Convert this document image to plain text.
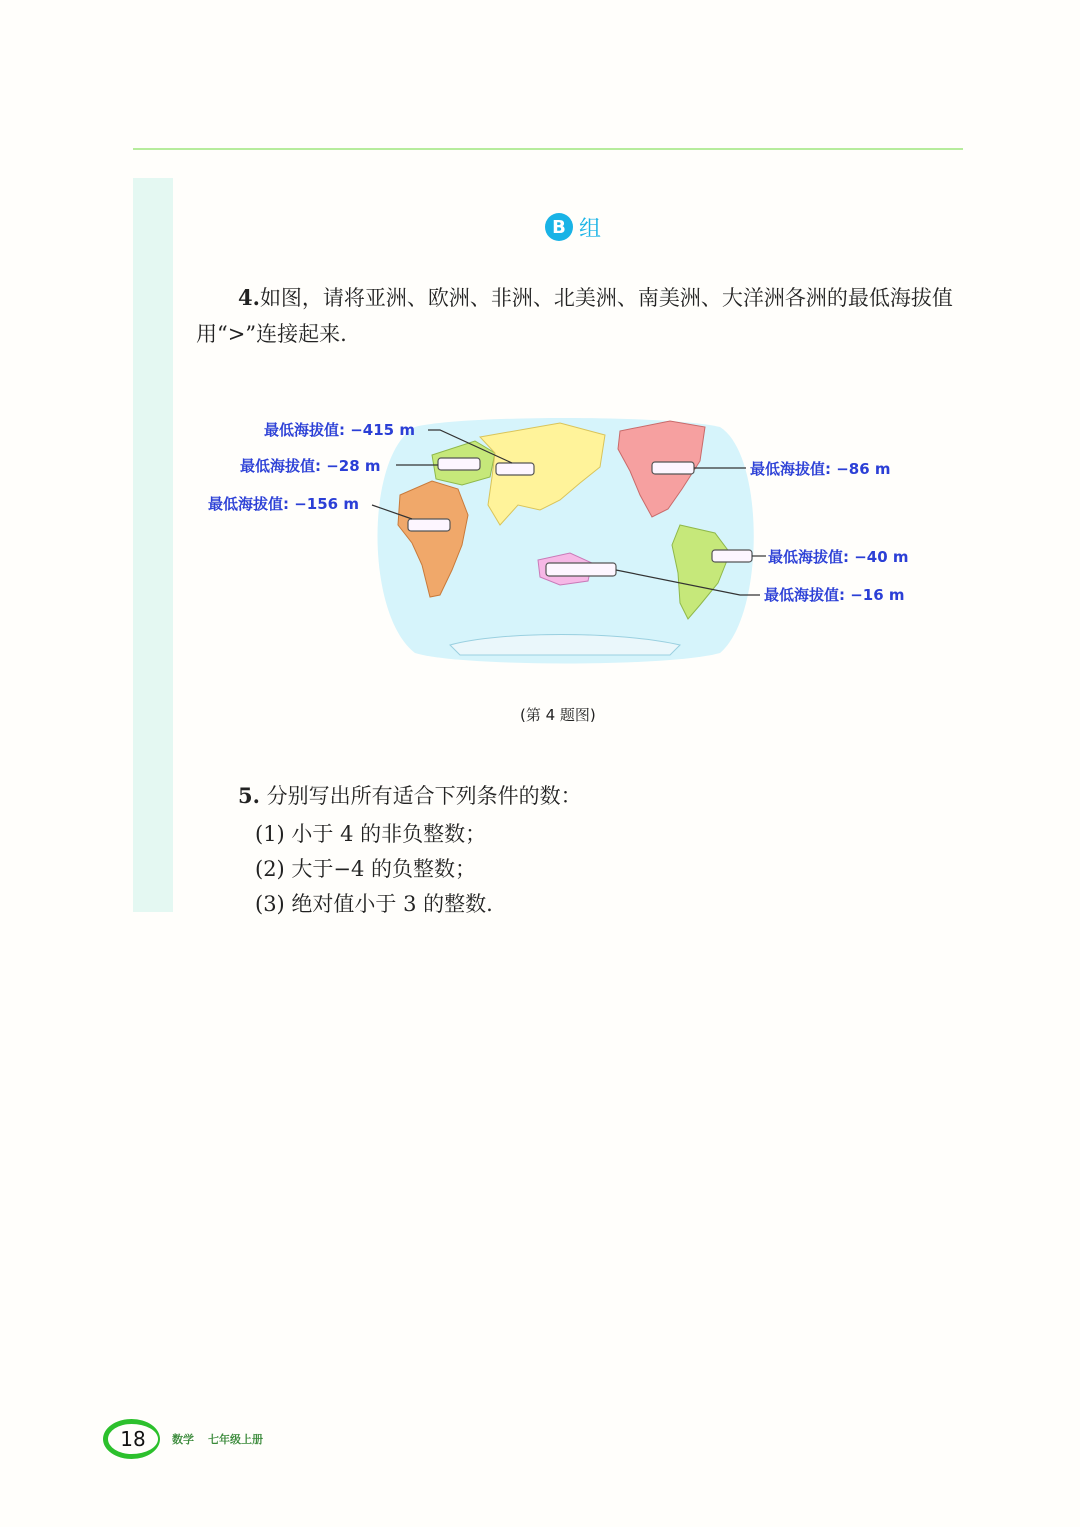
B 组

4.如图，请将亚洲、欧洲、非洲、北美洲、南美洲、大洋洲各洲的最低海拔值用“>”连接起来.

最低海拔值: −415 m
最低海拔值: −28 m
最低海拔值: −156 m
最低海拔值: −86 m
最低海拔值: −40 m
最低海拔值: −16 m
(第 4 题图)

5. 分别写出所有适合下列条件的数：

(1) 小于 4 的非负整数；
(2) 大于−4 的负整数；
(3) 绝对值小于 3 的整数.
18	数学 七年级上册
